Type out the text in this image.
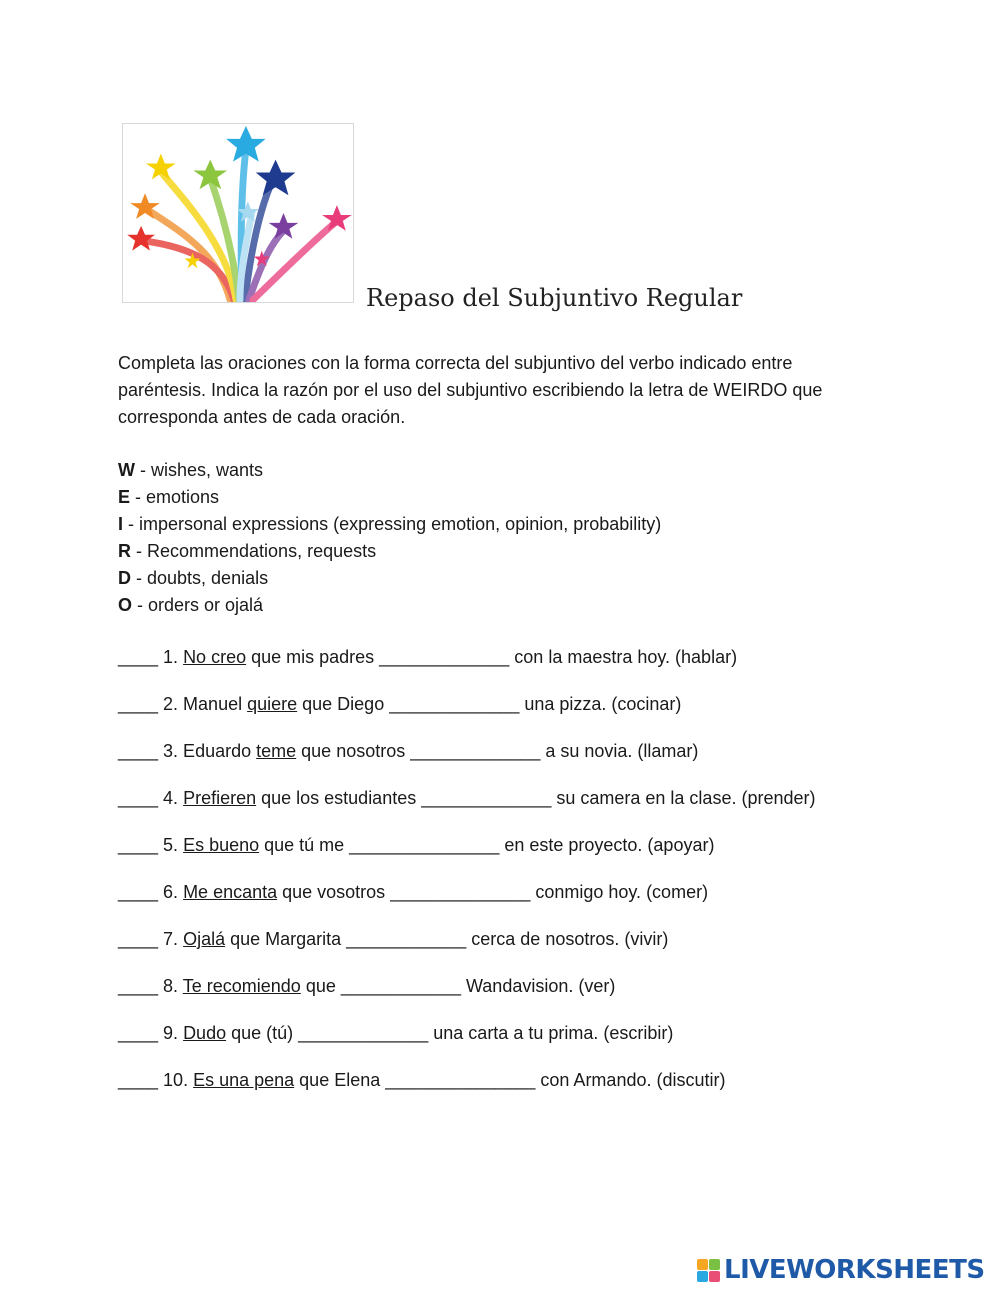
Repaso del Subjuntivo Regular
Completa las oraciones con la forma correcta del subjuntivo del verbo indicado entre paréntesis. Indica la razón por el uso del subjuntivo escribiendo la letra de WEIRDO que corresponda antes de cada oración.
W - wishes, wants
E - emotions
I - impersonal expressions (expressing emotion, opinion, probability)
R - Recommendations, requests
D - doubts, denials
O - orders or ojalá
____ 1. No creo que mis padres _____________ con la maestra hoy. (hablar)
____ 2. Manuel quiere que Diego _____________ una pizza. (cocinar)
____ 3. Eduardo teme que nosotros _____________ a su novia. (llamar)
____ 4. Prefieren que los estudiantes _____________ su camera en la clase. (prender)
____ 5. Es bueno que tú me _______________ en este proyecto. (apoyar)
____ 6. Me encanta que vosotros ______________ conmigo hoy. (comer)
____ 7. Ojalá que Margarita ____________ cerca de nosotros. (vivir)
____ 8. Te recomiendo que ____________ Wandavision. (ver)
____ 9. Dudo que (tú) _____________ una carta a tu prima. (escribir)
____ 10. Es una pena que Elena _______________ con Armando. (discutir)
LIVEWORKSHEETS
